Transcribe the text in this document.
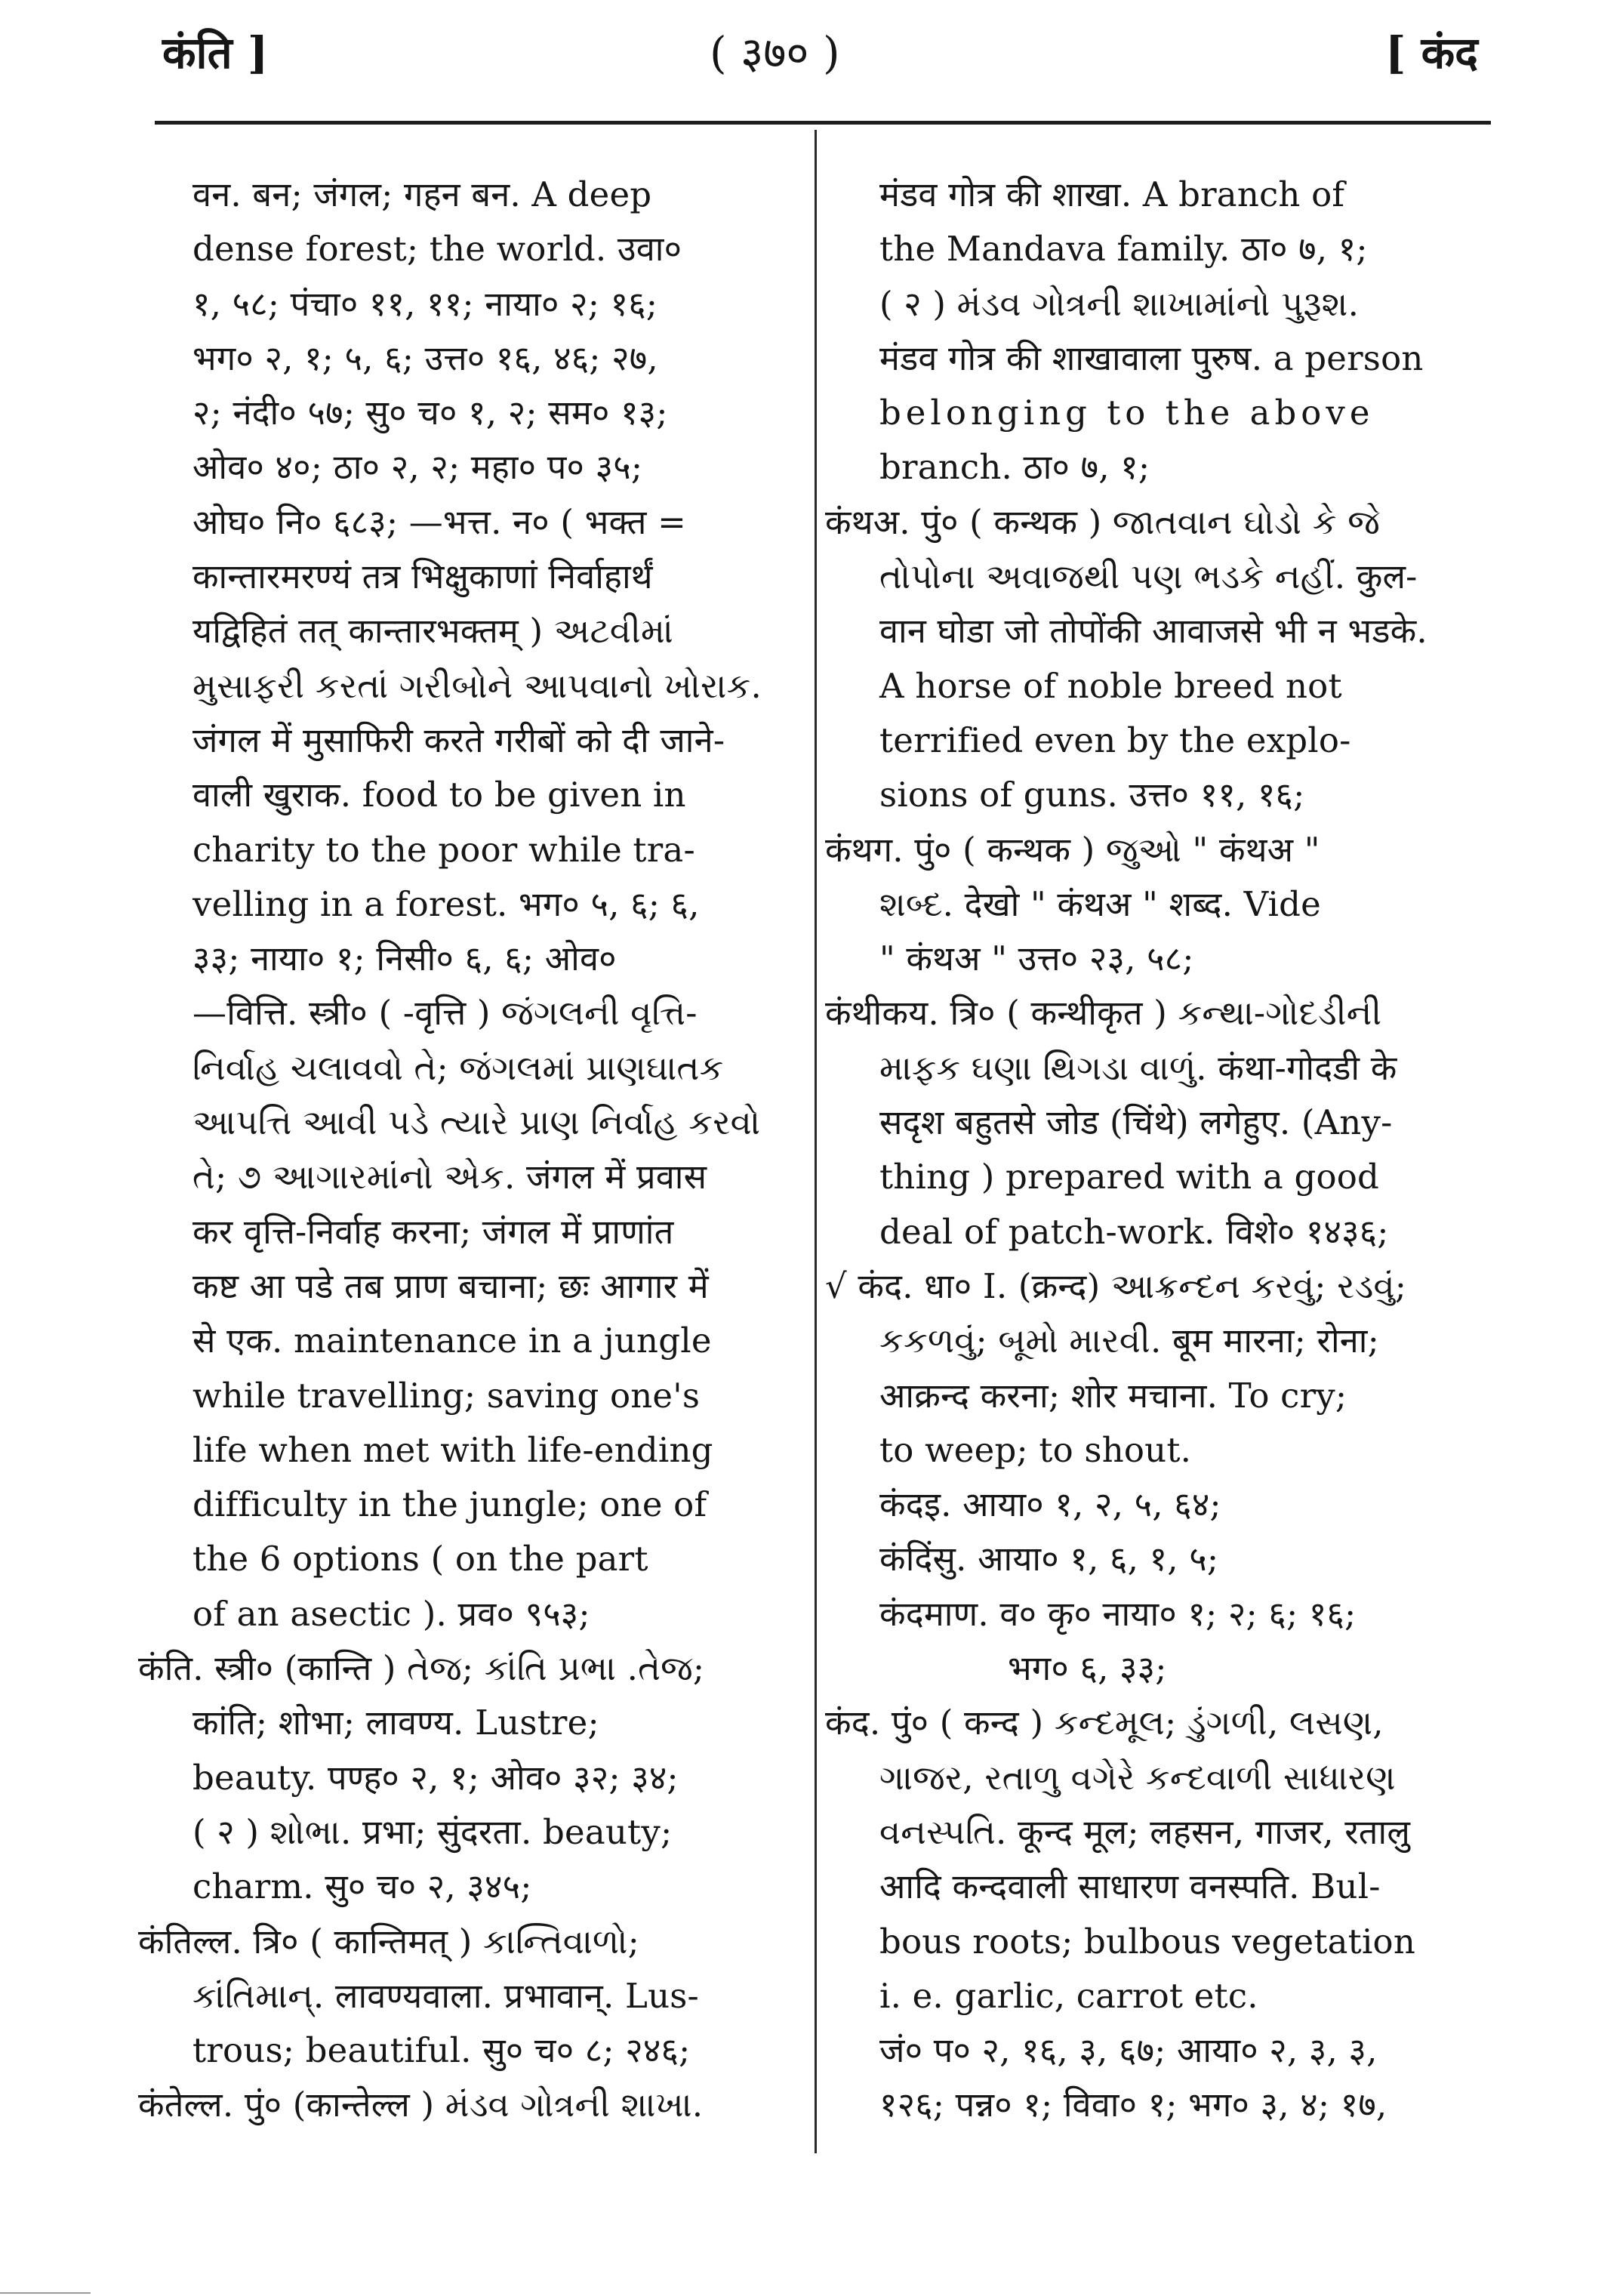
कंति ]	( ३७० )	[ कंद
वन. बन; जंगल; गहन बन. A deep
dense forest; the world. उवा०
१, ५८; पंचा० ११, ११; नाया० २; १६;
भग० २, १; ५, ६; उत्त० १६, ४६; २७,
२; नंदी० ५७; सु० च० १, २; सम० १३;
ओव० ४०; ठा० २, २; महा० प० ३५;
ओघ० नि० ६८३; —भत्त. न० ( भक्त =
कान्तारमरण्यं तत्र भिक्षुकाणां निर्वाहार्थं
यद्विहितं तत् कान्तारभक्तम् ) અટવીમાં
મુસાફરી કરતાં ગરીબોને આપવાનો ખોરાક.
जंगल में मुसाफिरी करते गरीबों को दी जाने-
वाली खुराक. food to be given in
charity to the poor while tra-
velling in a forest. भग० ५, ६; ६,
३३; नाया० १; निसी० ६, ६; ओव०
—वित्ति. स्त्री० ( -वृत्ति ) જંગલની વૃત્તિ-
નિર્વાહ ચલાવવો તે; જંગલમાં પ્રાણઘાતક
આપત્તિ આવી પડે ત્યારે પ્રાણ નિર્વાહ કરવો
તે; ૭ આગારમાંનો એક. जंगल में प्रवास
कर वृत्ति-निर्वाह करना; जंगल में प्राणांत
कष्ट आ पडे तब प्राण बचाना; छः आगार में
से एक. maintenance in a jungle
while travelling; saving one's
life when met with life-ending
difficulty in the jungle; one of
the 6 options ( on the part
of an asectic ). प्रव० ९५३;
कंति. स्त्री० (कान्ति ) તેજ; કાંતિ પ્રભા .તેજ;
कांति; शोभा; लावण्य. Lustre;
beauty. पण्ह० २, १; ओव० ३२; ३४;
( २ ) શોભા. प्रभा; सुंदरता. beauty;
charm. सु० च० २, ३४५;
कंतिल्ल. त्रि० ( कान्तिमत् ) કાન્તિવાળો;
કાંતિમાન્. लावण्यवाला. प्रभावान्. Lus-
trous; beautiful. सु० च० ८; २४६;
कंतेल्ल. पुं० (कान्तेल्ल ) મંડવ ગોત્રની શાખા.
मंडव गोत्र की शाखा. A branch of
the Mandava family. ठा० ७, १;
( २ ) મંડવ ગોત્રની શાખામાંનો પુરૂશ.
मंडव गोत्र की शाखावाला पुरुष. a person
belonging to the above
branch. ठा० ७, १;
कंथअ. पुं० ( कन्थक ) જાતવાન ઘોડો કે જે
તોપોના અવાજથી પણ ભડકે નહીં. कुल-
वान घोडा जो तोपोंकी आवाजसे भी न भडके.
A horse of noble breed not
terrified even by the explo-
sions of guns. उत्त० ११, १६;
कंथग. पुं० ( कन्थक ) જુઓ " कंथअ "
શબ્દ. देखो " कंथअ " शब्द. Vide
" कंथअ " उत्त० २३, ५८;
कंथीकय. त्रि० ( कन्थीकृत ) કન્થા-ગોદડીની
માફક ઘણા થિગડા વાળું. कंथा-गोदडी के
सदृश बहुतसे जोड (चिंथे) लगेहुए. (Any-
thing ) prepared with a good
deal of patch-work. विशे० १४३६;
√ कंद. धा० I. (क्रन्द) આક્રન્દન કરવું; રડવું;
કકળવું; બૂમો મારવી. बूम मारना; रोना;
आक्रन्द करना; शोर मचाना. To cry;
to weep; to shout.
कंदइ. आया० १, २, ५, ६४;
कंदिंसु. आया० १, ६, १, ५;
कंदमाण. व० कृ० नाया० १; २; ६; १६;
भग० ६, ३३;
कंद. पुं० ( कन्द ) કન્દમૂલ; ડુંગળી, લસણ,
ગાજર, રતાળુ વગેરે કન્દવાળી સાધારણ
વનસ્પતિ. कून्द मूल; लहसन, गाजर, रतालु
आदि कन्दवाली साधारण वनस्पति. Bul-
bous roots; bulbous vegetation
i. e. garlic, carrot etc.
जं० प० २, १६, ३, ६७; आया० २, ३, ३,
१२६; पन्न० १; विवा० १; भग० ३, ४; १७,
